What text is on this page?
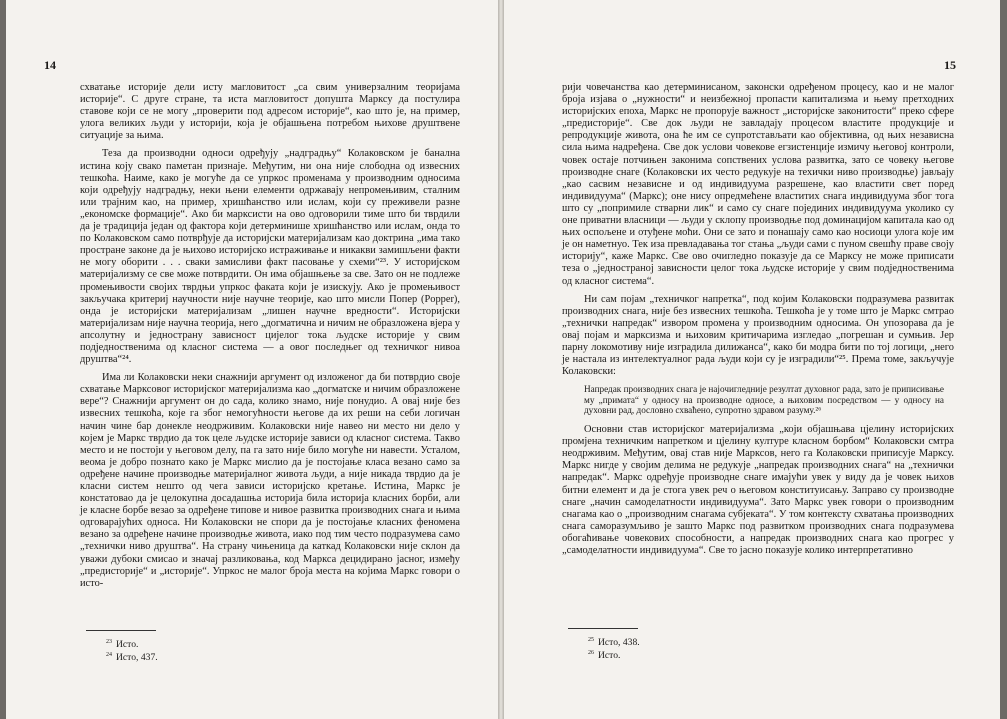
14

схватање историје дели исту магловитост „са свим универзалним теоријама историје“. С друге стране, та иста магловитост допушта Марксу да постулира ставове који се не могу „проверити под адресом историје“, као што је, на пример, улога великих људи у историји, која је објашњена потребом њихове друштвене ситуације за њима.

Теза да производни односи одређују „надградњу“ Колаковском је банална истина коју свако паметан признаје. Међутим, ни она није слободна од извесних тешкоћа. Наиме, како је могуће да се упркос променама у производним односима који одређују надградњу, неки њени елементи одржавају непромењивим, сталним или трајним као, на пример, хришћанство или ислам, који су преживели разне „економске формације“. Ако би марксисти на ово одговорили тиме што би тврдили да је традиција један од фактора који детерминише хришћанство или ислам, онда то по Колаковском само потврђује да историјски материјализам као доктрина „има тако простране законе да је њиховo историјско истраживање и никакви замишљени факти не могу оборити . . . сваки замисливи факт пасовање у схеми“²³. У историјском материјализму се све може потврдити. Он има објашњење за све. Зато он не подлеже промењивости својих тврдњи упркос факата који је изискују. Ако је промењивост закључака критериј научности није научне теорије, као што мисли Попер (Popper), онда је историјски материјализам „лишен научне вредности“. Историјски материјализам није научна теорија, него „догматична и ничим не образложена вјера у апсолутну и једнострану зависност цијелог тока људске историје у свим подједноственима од класног система — а овог последњег од техничког нивоа друштва“²⁴.

Има ли Колаковски неки снажнији аргумент од изложеног да би потврдио своје схватање Марксовог историјског материјализма као „догматске и ничим образложене вере“? Снажнији аргумент он до сада, колико знамо, није понудио. А овај није без извесних тешкоћа, које га због немогућности његове да их реши на себи логичан начин чине бар донекле неодрживим. Колаковски није навео ни место ни дело у којем је Маркс тврдио да ток целе људске историје зависи од класног система. Такво место и не постоји у његовом делу, па га зато није било могуће ни навести. Усталом, веома је добро познато како је Маркс мислио да је постојање класа везано само за одређене начине производње материјалног живота људи, а није никада тврдио да је класни систем нешто од чега зависи историјско кретање. Истина, Маркс је констатовао да је целокупна досадашња историја била историја класних борби, али је класне борбе везао за одређене типове и нивое развитка производних снага и њима одговарајућих односа. Ни Колаковски не спори да је постојање класних феномена везано за одређене начине производње живота, иако под тим често подразумева само „технички ниво друштва“. На страну чињеница да каткад Колаковски није склон да уважи дубоки смисао и значај разликовања, код Маркса децидирано јасног, између „предисторије“ и „историје“. Упркос не малог броја места на којима Маркс говори о исто-

$^{23}$ Исто.

$^{24}$ Исто, 437.

15

рији човечанства као детерминисаном, законски одређеном процесу, као и не малог броја изјава о „нужности“ и неизбежној пропасти капитализма и њему претходних историјских епоха, Маркс не пропорује важност „историјске законитости“ преко сфере „предисторије“. Све док људи не завладају процесом властите продукције и репродукције живота, она ће им се супротстављати као објективна, од њих независна сила њима надређена. Све док услови човекове егзистенције измичу његовој контроли, човек остаје потчињен законима сопствених услова развитка, зато се човеку његове производне снаге (Колаковски их често редукује на техички ниво производње) јављају „као сасвим независне и од индивидуума разрешене, као властити свет поред индивидуума“ (Маркс); оне нису опредмећене властитих снага индивидуума због тога што су „попримиле стварни лик“ и само су снаге појединих индивидуума уколико су оне приватни власници — људи у склопу производње под доминацијом капитала као од њих оспољене и отуђене моћи. Они се зато и понашају само као носиоци улога које им је он наметнуо. Тек иза превладавања тог стања „људи сами с пуном свешћу праве своју историју“, каже Маркс. Све ово очигледно показује да се Марксу не може приписати теза о „једностраној зависности целог тока људске историје у свим подједноственима од класног система“.

Ни сам појам „техничког напретка“, под којим Колаковски подразумева развитак производних снага, није без извесних тешкоћа. Тешкоћа је у томе што је Маркс смтрао „технички напредак“ извором промена у производним односима. Он упозорава да је овај појам и марксизма и њиховим критичарима изгледао „погрешан и сумњив. Јер парну локомотиву није изградила дилижанса“, како би модра бити по тој логици, „него је настала из интелектуалног рада људи који су је изградили“²⁵. Према томе, закључује Колаковски:

Напредак производних снага је најочигледније резултат духовног рада, зато је приписивање му „примата“ у односу на производне односе, а њиховим посредством — у односу на духовни рад, дословно схваћено, супротно здравом разуму.²⁶

Основни став историјског материјализма „који објашњава цјелину историјских промјена техничким напретком и цјелину културе класном борбом“ Колаковски смтра неодрживим. Међутим, овај став није Марксов, него га Колаковски приписује Марксу. Маркс нигде у својим делима не редукује „напредак производних снага“ на „технички напредак“. Маркс одређује производне снаге имајући увек у виду да је човек њихов битни елемент и да је стога увек реч о његовом конституисању. Заправо су производне снаге „начин самоделатности индивидуума“. Зато Маркс увек говори о производним снагама као о „производним снагама субјеката“. У том контексту схватања производних снага саморазумљиво је зашто Маркс под развитком производних снага подразумева обогаћивање човекових способности, а напредак производних снага као прогрес у „самоделатности индивидуума“. Све то јасно показује колико интерпретативно

$^{25}$ Исто, 438.

$^{26}$ Исто.
